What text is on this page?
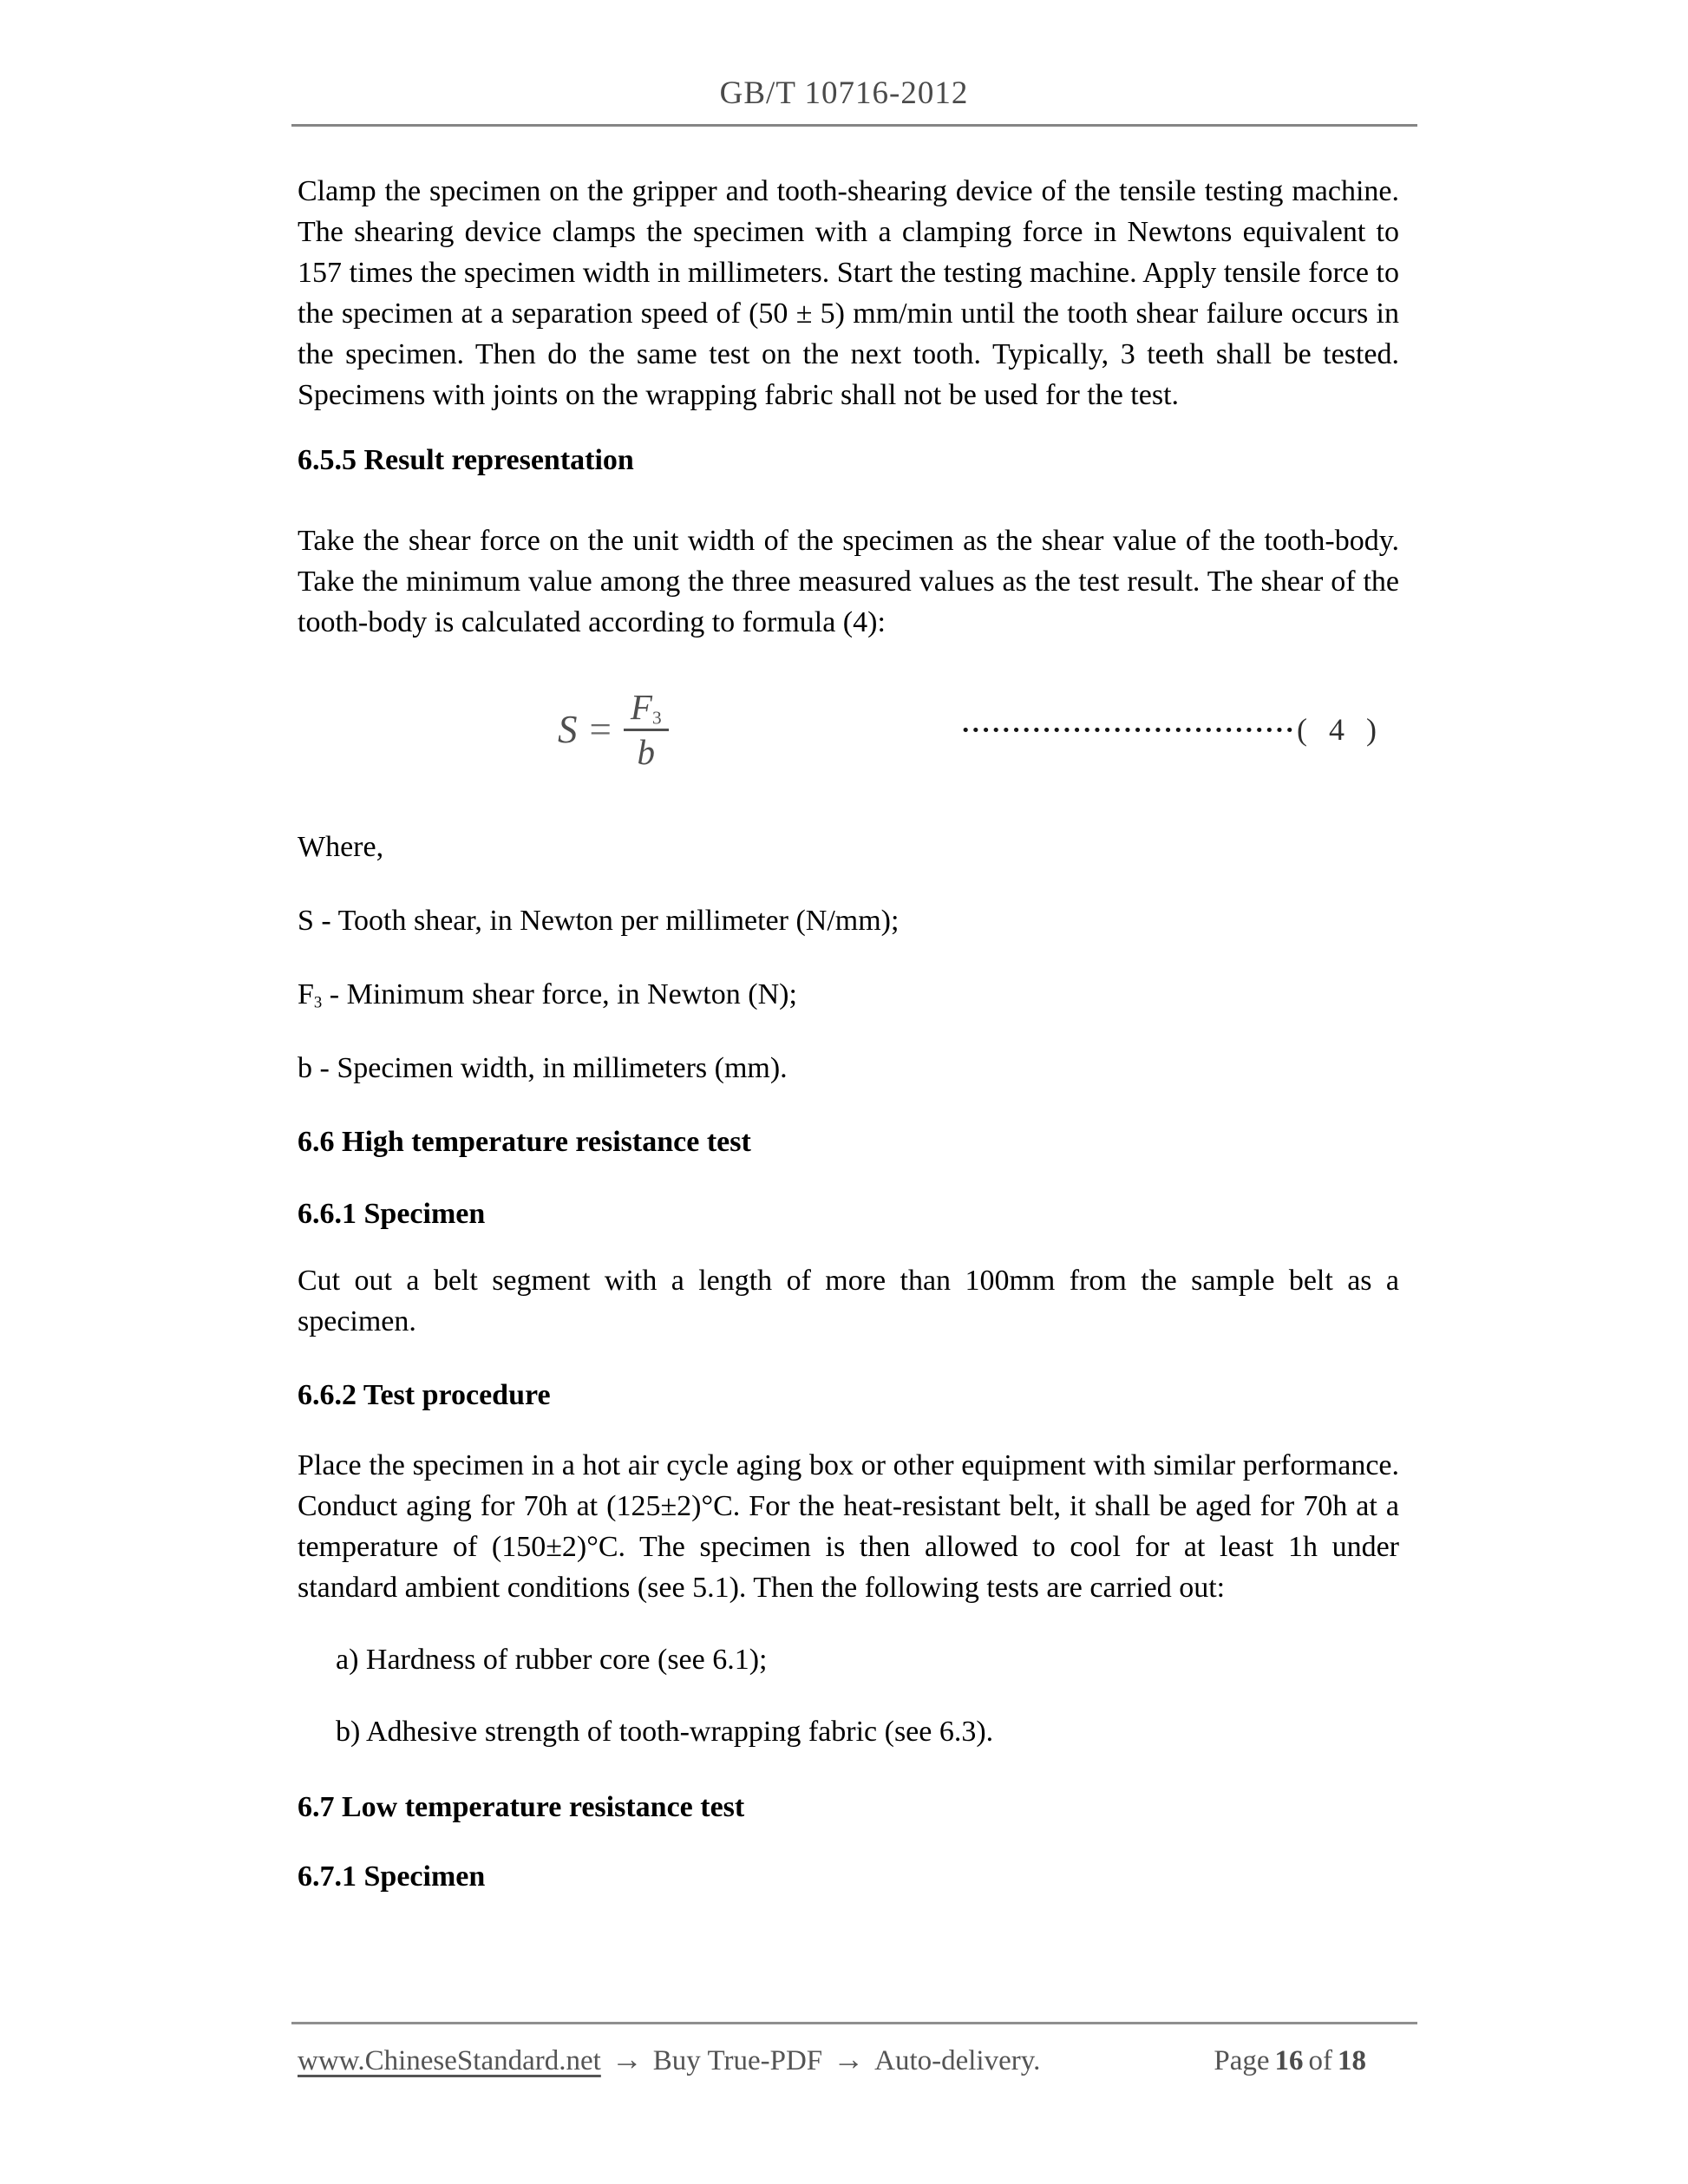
GB/T 10716-2012

Clamp the specimen on the gripper and tooth-shearing device of the tensile testing machine. The shearing device clamps the specimen with a clamping force in Newtons equivalent to 157 times the specimen width in millimeters. Start the testing machine. Apply tensile force to the specimen at a separation speed of (50 ± 5) mm/min until the tooth shear failure occurs in the specimen. Then do the same test on the next tooth. Typically, 3 teeth shall be tested. Specimens with joints on the wrapping fabric shall not be used for the test.

6.5.5 Result representation

Take the shear force on the unit width of the specimen as the shear value of the tooth-body. Take the minimum value among the three measured values as the test result. The shear of the tooth-body is calculated according to formula (4):

$S = \frac{F_3}{b}$	································· ( 4 )

Where,

S - Tooth shear, in Newton per millimeter (N/mm);

$F_3$ - Minimum shear force, in Newton (N);

b - Specimen width, in millimeters (mm).

6.6 High temperature resistance test
6.6.1 Specimen

Cut out a belt segment with a length of more than 100mm from the sample belt as a specimen.

6.6.2 Test procedure

Place the specimen in a hot air cycle aging box or other equipment with similar performance. Conduct aging for 70h at (125±2)°C. For the heat-resistant belt, it shall be aged for 70h at a temperature of (150±2)°C. The specimen is then allowed to cool for at least 1h under standard ambient conditions (see 5.1). Then the following tests are carried out:

a) Hardness of rubber core (see 6.1);

b) Adhesive strength of tooth-wrapping fabric (see 6.3).

6.7 Low temperature resistance test
6.7.1 Specimen
www.ChineseStandard.net → Buy True-PDF → Auto-delivery.	Page 16 of 18
